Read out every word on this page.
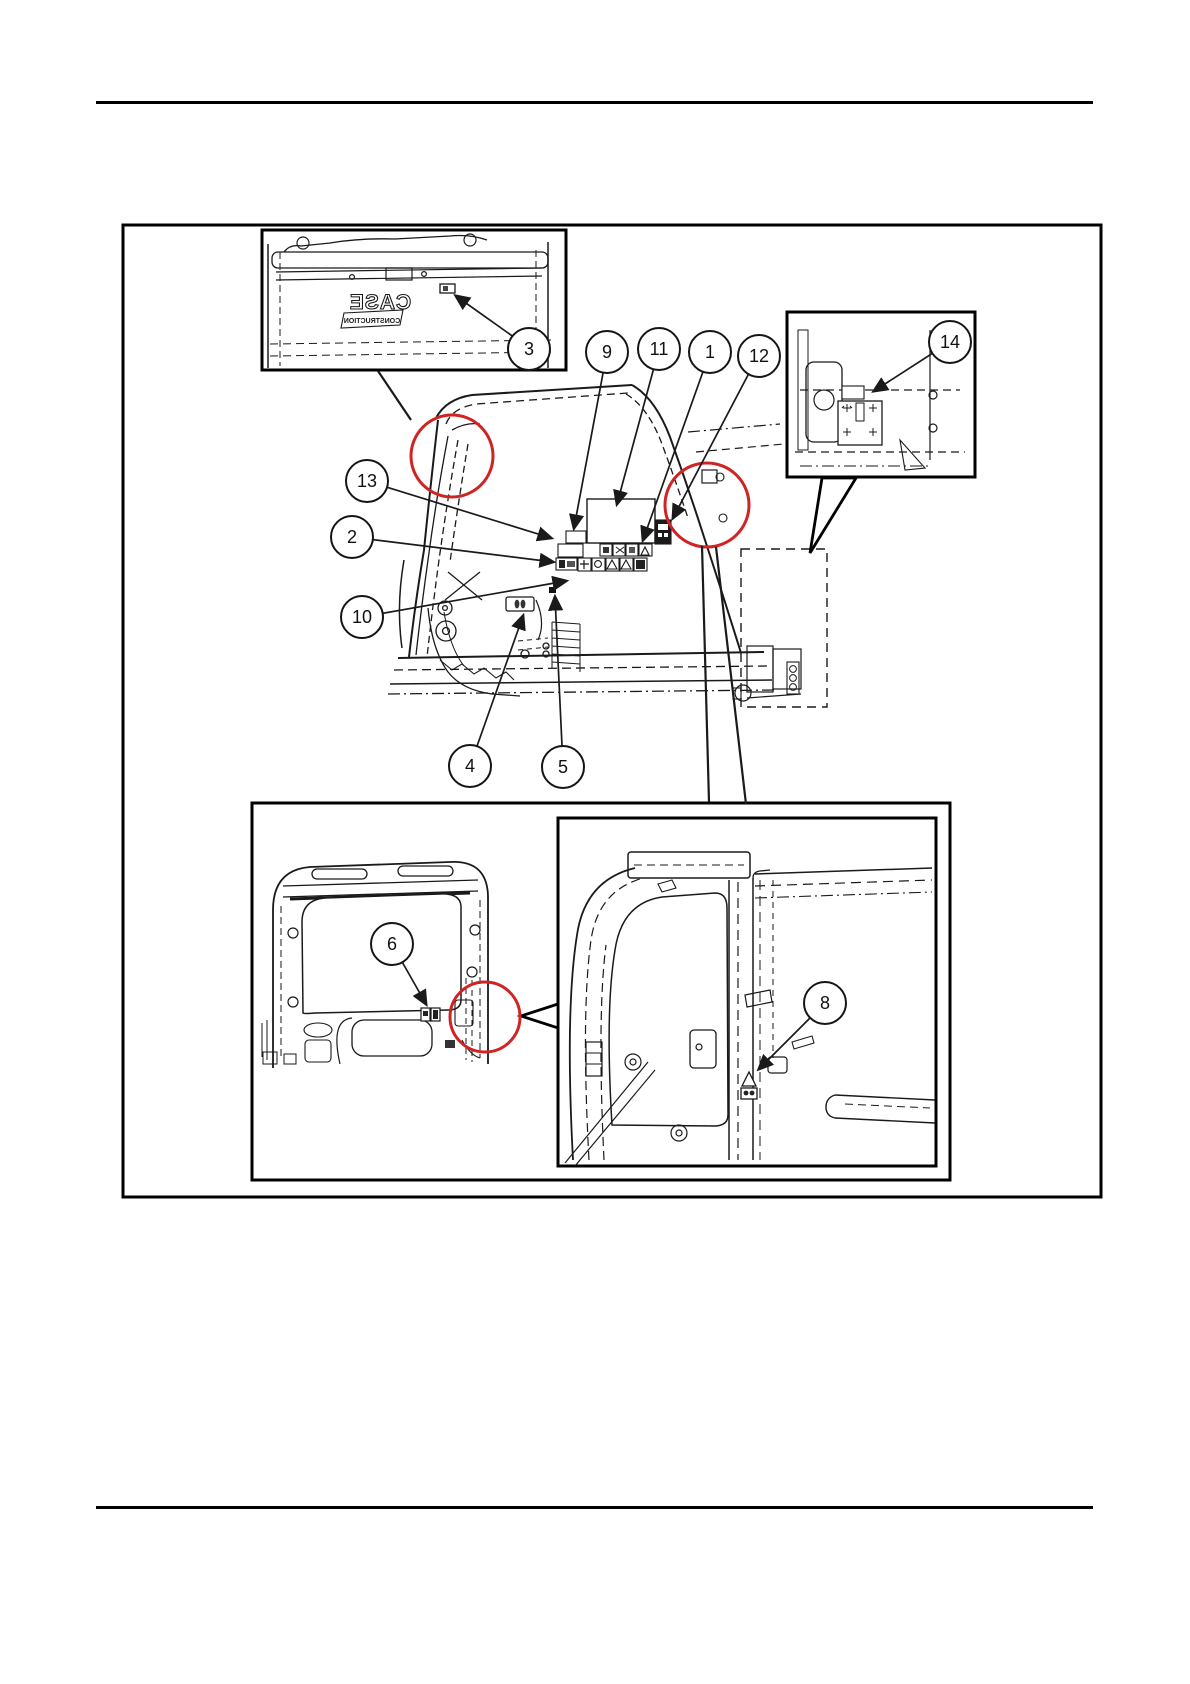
CASE
CONSTRUCTION
3	9	11	1	12
14
13
2
10
4	5
6
8
